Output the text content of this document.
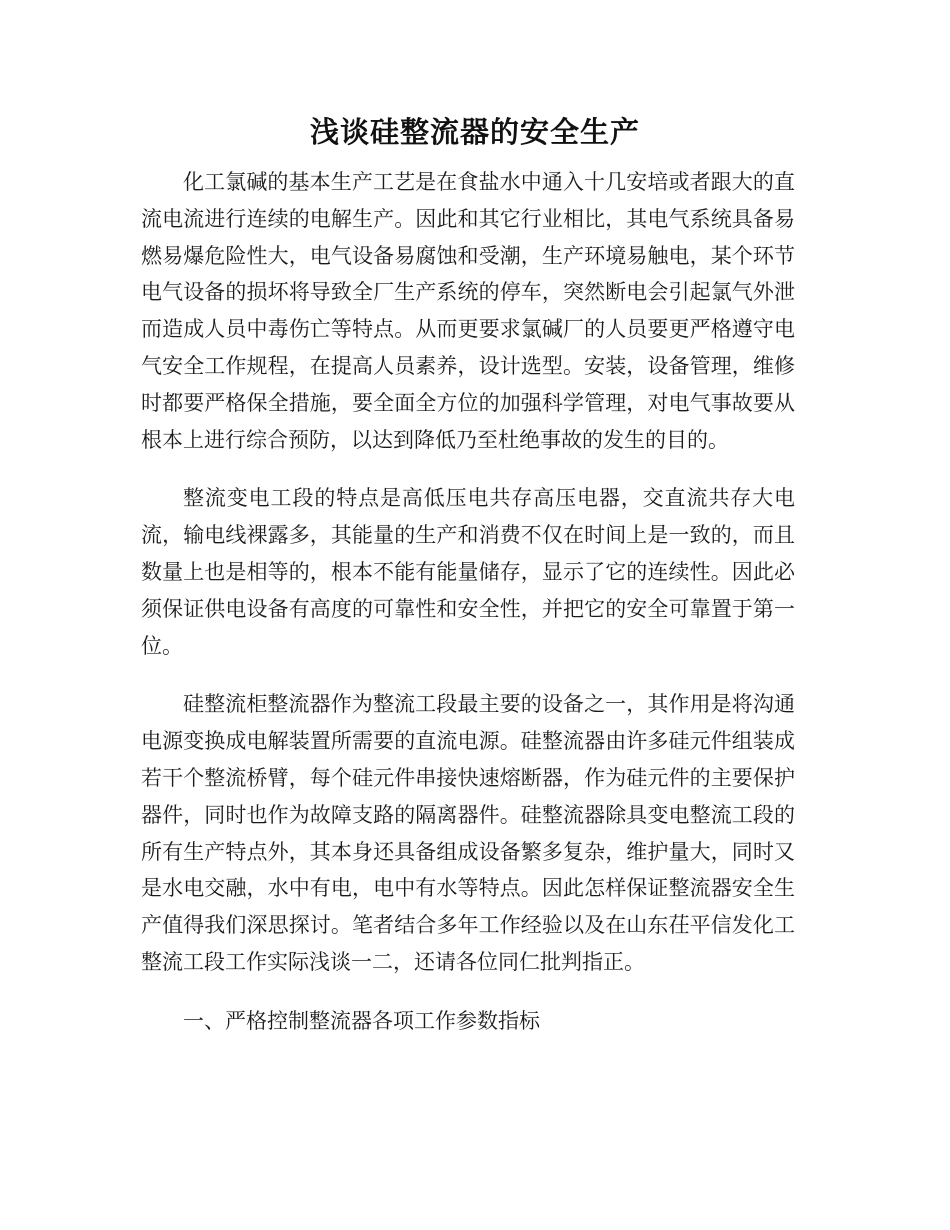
浅谈硅整流器的安全生产

化工氯碱的基本生产工艺是在食盐水中通入十几安培或者跟大的直流电流进行连续的电解生产。因此和其它行业相比，其电气系统具备易燃易爆危险性大，电气设备易腐蚀和受潮，生产环境易触电，某个环节电气设备的损坏将导致全厂生产系统的停车，突然断电会引起氯气外泄而造成人员中毒伤亡等特点。从而更要求氯碱厂的人员要更严格遵守电气安全工作规程，在提高人员素养，设计选型。安装，设备管理，维修时都要严格保全措施，要全面全方位的加强科学管理，对电气事故要从根本上进行综合预防，以达到降低乃至杜绝事故的发生的目的。

整流变电工段的特点是高低压电共存高压电器，交直流共存大电流，输电线裸露多，其能量的生产和消费不仅在时间上是一致的，而且数量上也是相等的，根本不能有能量储存，显示了它的连续性。因此必须保证供电设备有高度的可靠性和安全性，并把它的安全可靠置于第一位。

硅整流柜整流器作为整流工段最主要的设备之一，其作用是将沟通电源变换成电解装置所需要的直流电源。硅整流器由许多硅元件组装成若干个整流桥臂，每个硅元件串接快速熔断器，作为硅元件的主要保护器件，同时也作为故障支路的隔离器件。硅整流器除具变电整流工段的所有生产特点外，其本身还具备组成设备繁多复杂，维护量大，同时又是水电交融，水中有电，电中有水等特点。因此怎样保证整流器安全生产值得我们深思探讨。笔者结合多年工作经验以及在山东茌平信发化工整流工段工作实际浅谈一二，还请各位同仁批判指正。

一、严格控制整流器各项工作参数指标
